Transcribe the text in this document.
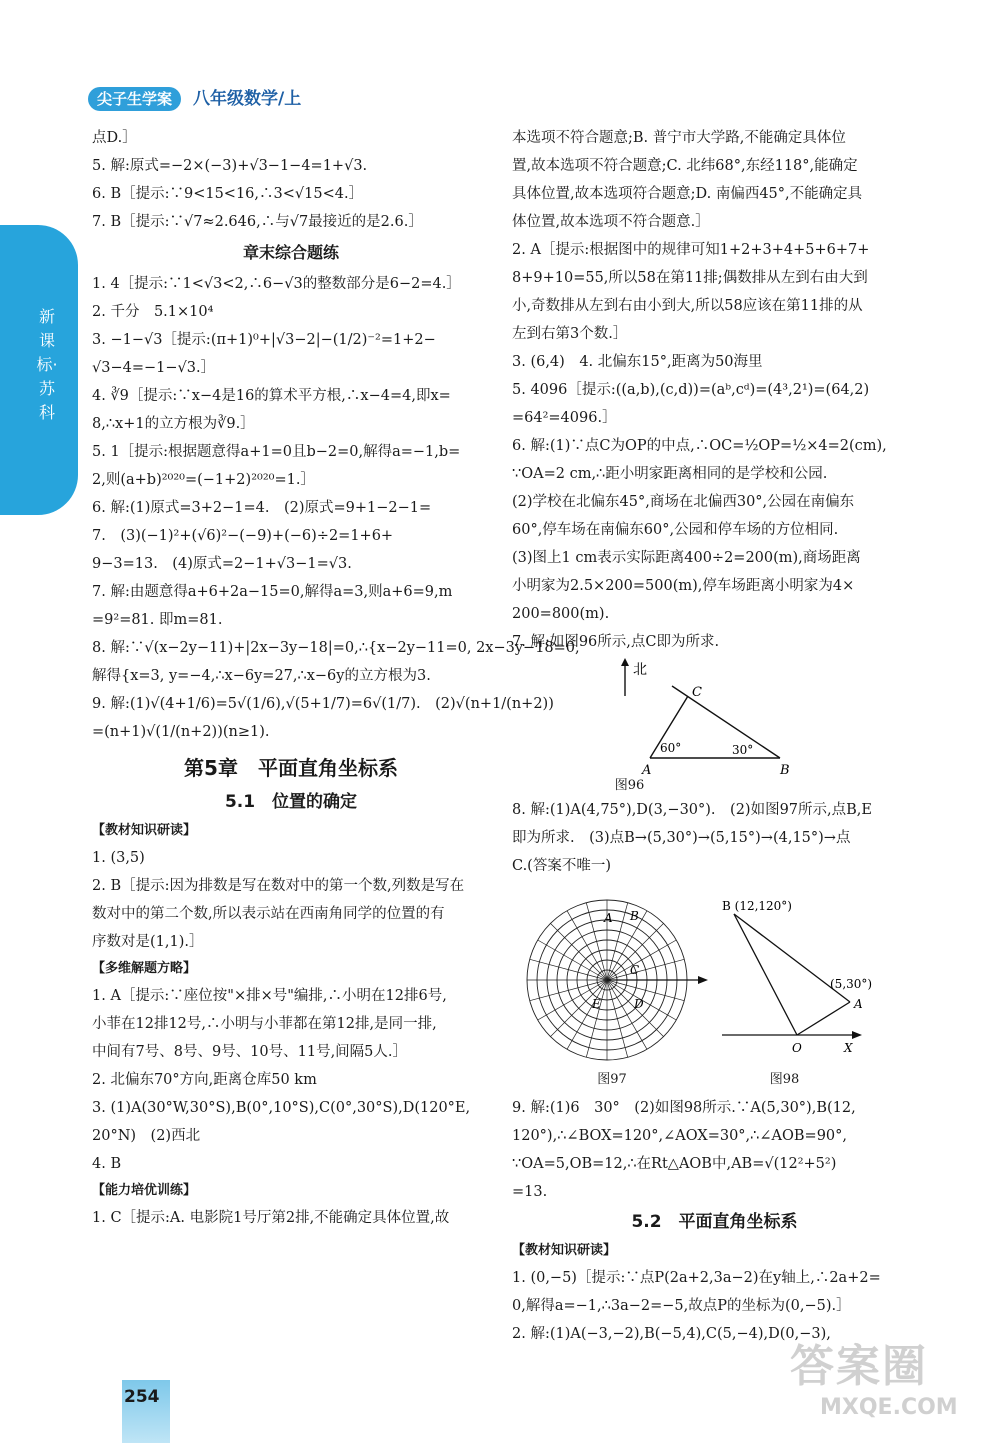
新课标·苏科
尖子生学案	八年级数学/上
点D.］
5. 解:原式=−2×(−3)+√3−1−4=1+√3.
6. B［提示:∵9<15<16,∴3<√15<4.］
7. B［提示:∵√7≈2.646,∴与√7最接近的是2.6.］
章末综合题练
1. 4［提示:∵1<√3<2,∴6−√3的整数部分是6−2=4.］
2. 千分　5.1×10⁴
3. −1−√3［提示:(π+1)⁰+|√3−2|−(1/2)⁻²=1+2−
√3−4=−1−√3.］
4. ∛9［提示:∵x−4是16的算术平方根,∴x−4=4,即x=
8,∴x+1的立方根为∛9.］
5. 1［提示:根据题意得a+1=0且b−2=0,解得a=−1,b=
2,则(a+b)²⁰²⁰=(−1+2)²⁰²⁰=1.］
6. 解:(1)原式=3+2−1=4.　(2)原式=9+1−2−1=
7.　(3)(−1)²+(√6)²−(−9)+(−6)÷2=1+6+
9−3=13.　(4)原式=2−1+√3−1=√3.
7. 解:由题意得a+6+2a−15=0,解得a=3,则a+6=9,m
=9²=81. 即m=81.
8. 解:∵√(x−2y−11)+|2x−3y−18|=0,∴{x−2y−11=0, 2x−3y−18=0,
解得{x=3, y=−4,∴x−6y=27,∴x−6y的立方根为3.
9. 解:(1)√(4+1/6)=5√(1/6),√(5+1/7)=6√(1/7).　(2)√(n+1/(n+2))
=(n+1)√(1/(n+2))(n≥1).
第5章　平面直角坐标系
5.1　位置的确定
【教材知识研读】
1. (3,5)
2. B［提示:因为排数是写在数对中的第一个数,列数是写在
数对中的第二个数,所以表示站在西南角同学的位置的有
序数对是(1,1).］
【多维解题方略】
1. A［提示:∵座位按"×排×号"编排,∴小明在12排6号,
小菲在12排12号,∴小明与小菲都在第12排,是同一排,
中间有7号、8号、9号、10号、11号,间隔5人.］
2. 北偏东70°方向,距离仓库50 km
3. (1)A(30°W,30°S),B(0°,10°S),C(0°,30°S),D(120°E,
20°N)　(2)西北
4. B
【能力培优训练】
1. C［提示:A. 电影院1号厅第2排,不能确定具体位置,故
本选项不符合题意;B. 普宁市大学路,不能确定具体位
置,故本选项不符合题意;C. 北纬68°,东经118°,能确定
具体位置,故本选项符合题意;D. 南偏西45°,不能确定具
体位置,故本选项不符合题意.］
2. A［提示:根据图中的规律可知1+2+3+4+5+6+7+
8+9+10=55,所以58在第11排;偶数排从左到右由大到
小,奇数排从左到右由小到大,所以58应该在第11排的从
左到右第3个数.］
3. (6,4)　4. 北偏东15°,距离为50海里
5. 4096［提示:((a,b),(c,d))=(aᵇ,cᵈ)=(4³,2¹)=(64,2)
=64²=4096.］
6. 解:(1)∵点C为OP的中点,∴OC=½OP=½×4=2(cm),
∵OA=2 cm,∴距小明家距离相同的是学校和公园.
(2)学校在北偏东45°,商场在北偏西30°,公园在南偏东
60°,停车场在南偏东60°,公园和停车场的方位相同.
(3)图上1 cm表示实际距离400÷2=200(m),商场距离
小明家为2.5×200=500(m),停车场距离小明家为4×
200=800(m).
7. 解:如图96所示,点C即为所求.
北
C
A	B
60°	30°
图96
8. 解:(1)A(4,75°),D(3,−30°).　(2)如图97所示,点B,E
即为所求.　(3)点B→(5,30°)→(5,15°)→(4,15°)→点
C.(答案不唯一)
A B
C
D
E
B (12,120°)
(5,30°)
A
O	X
图97	图98
9. 解:(1)6　30°　(2)如图98所示.∵A(5,30°),B(12,
120°),∴∠BOX=120°,∠AOX=30°,∴∠AOB=90°,
∵OA=5,OB=12,∴在Rt△AOB中,AB=√(12²+5²)
=13.
5.2　平面直角坐标系
【教材知识研读】
1. (0,−5)［提示:∵点P(2a+2,3a−2)在y轴上,∴2a+2=
0,解得a=−1,∴3a−2=−5,故点P的坐标为(0,−5).］
2. 解:(1)A(−3,−2),B(−5,4),C(5,−4),D(0,−3),
254
答案圈
MXQE.COM
